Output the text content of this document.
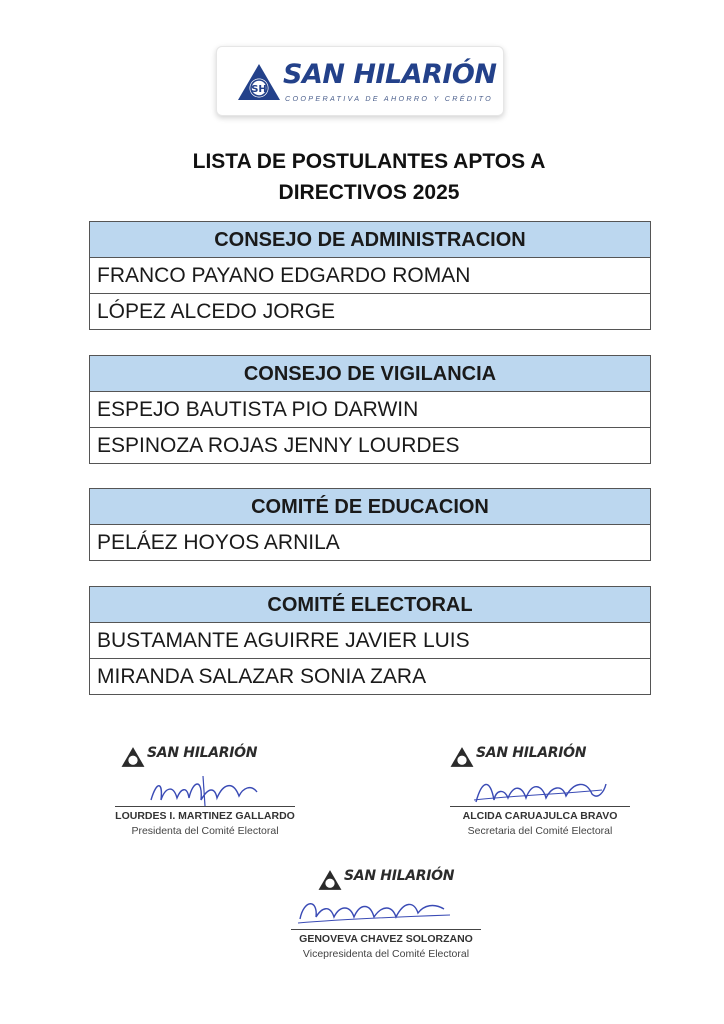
SH SAN HILARIÓN
COOPERATIVA DE AHORRO Y CRÉDITO
LISTA DE POSTULANTES APTOS A
DIRECTIVOS 2025
CONSEJO DE ADMINISTRACION
FRANCO PAYANO EDGARDO ROMAN
LÓPEZ ALCEDO JORGE
CONSEJO DE VIGILANCIA
ESPEJO BAUTISTA PIO DARWIN
ESPINOZA ROJAS JENNY LOURDES
COMITÉ DE EDUCACION
PELÁEZ HOYOS ARNILA
COMITÉ ELECTORAL
BUSTAMANTE AGUIRRE JAVIER LUIS
MIRANDA SALAZAR SONIA ZARA
SAN HILARIÓN
LOURDES I. MARTINEZ GALLARDO
Presidenta del Comité Electoral
SAN HILARIÓN
ALCIDA CARUAJULCA BRAVO
Secretaria del Comité Electoral
SAN HILARIÓN
GENOVEVA CHAVEZ SOLORZANO
Vicepresidenta del Comité Electoral
